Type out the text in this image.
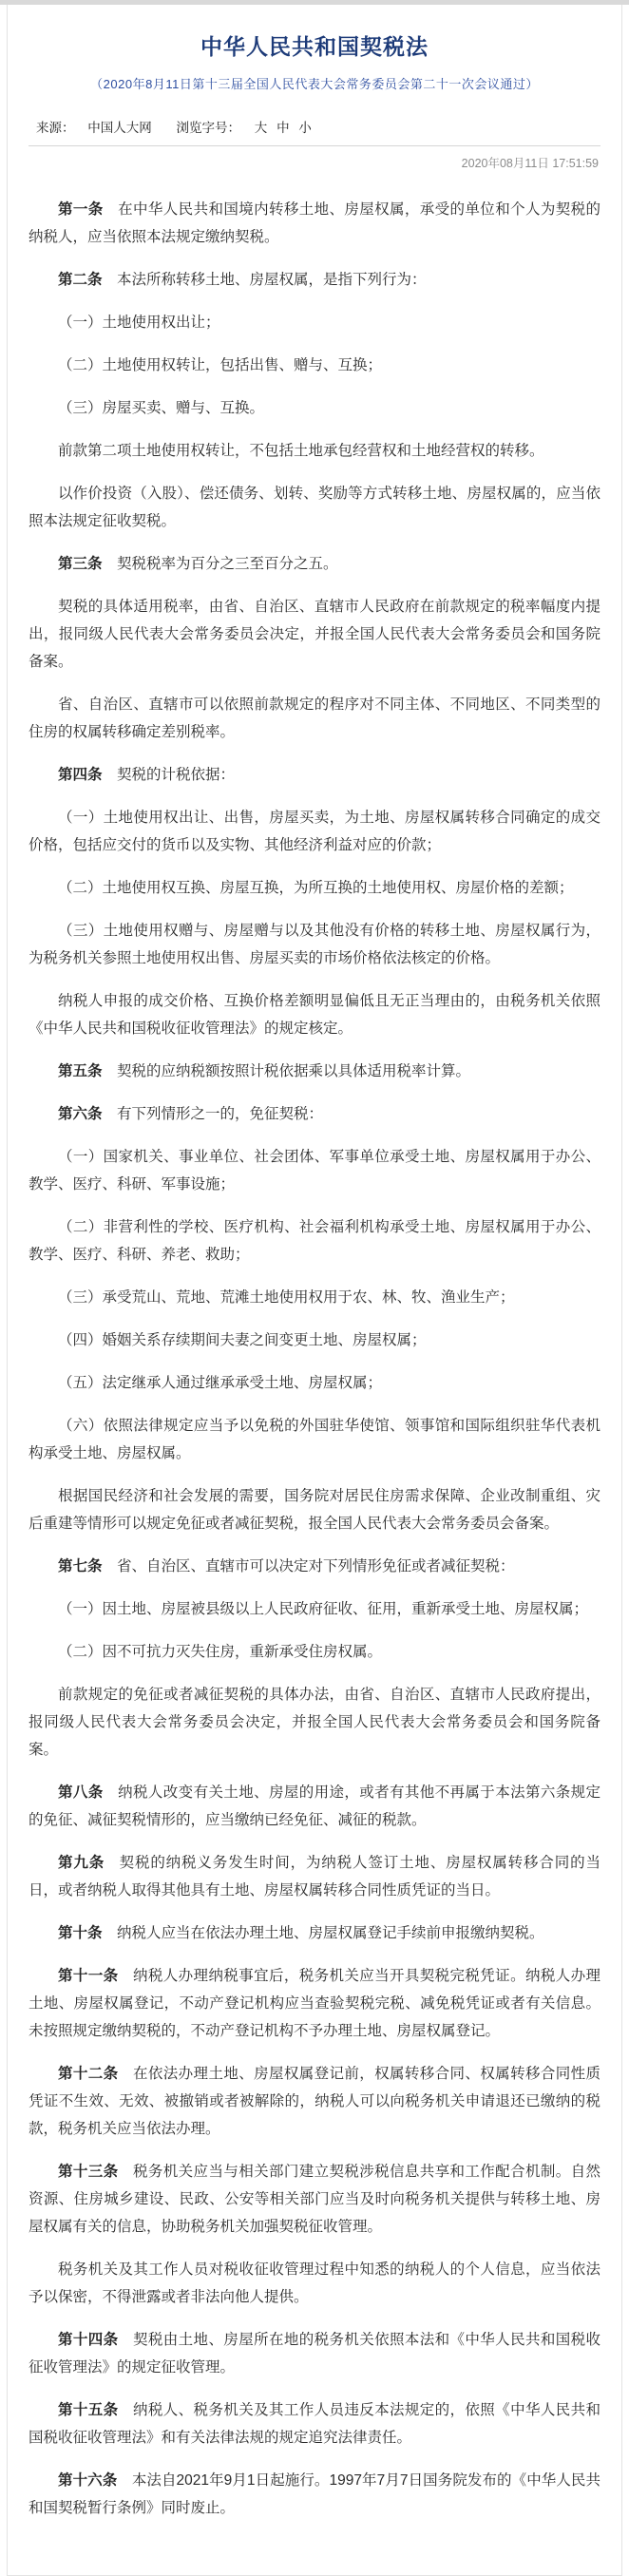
中华人民共和国契税法
（2020年8月11日第十三届全国人民代表大会常务委员会第二十一次会议通过）
来源： 中国人大网 浏览字号： 大 中 小
2020年08月11日 17:51:59

第一条 在中华人民共和国境内转移土地、房屋权属，承受的单位和个人为契税的纳税人，应当依照本法规定缴纳契税。

第二条 本法所称转移土地、房屋权属，是指下列行为：

（一）土地使用权出让；

（二）土地使用权转让，包括出售、赠与、互换；

（三）房屋买卖、赠与、互换。

前款第二项土地使用权转让，不包括土地承包经营权和土地经营权的转移。

以作价投资（入股）、偿还债务、划转、奖励等方式转移土地、房屋权属的，应当依照本法规定征收契税。

第三条 契税税率为百分之三至百分之五。

契税的具体适用税率，由省、自治区、直辖市人民政府在前款规定的税率幅度内提出，报同级人民代表大会常务委员会决定，并报全国人民代表大会常务委员会和国务院备案。

省、自治区、直辖市可以依照前款规定的程序对不同主体、不同地区、不同类型的住房的权属转移确定差别税率。

第四条 契税的计税依据：

（一）土地使用权出让、出售，房屋买卖，为土地、房屋权属转移合同确定的成交价格，包括应交付的货币以及实物、其他经济利益对应的价款；

（二）土地使用权互换、房屋互换，为所互换的土地使用权、房屋价格的差额；

（三）土地使用权赠与、房屋赠与以及其他没有价格的转移土地、房屋权属行为，为税务机关参照土地使用权出售、房屋买卖的市场价格依法核定的价格。

纳税人申报的成交价格、互换价格差额明显偏低且无正当理由的，由税务机关依照《中华人民共和国税收征收管理法》的规定核定。

第五条 契税的应纳税额按照计税依据乘以具体适用税率计算。

第六条 有下列情形之一的，免征契税：

（一）国家机关、事业单位、社会团体、军事单位承受土地、房屋权属用于办公、教学、医疗、科研、军事设施；

（二）非营利性的学校、医疗机构、社会福利机构承受土地、房屋权属用于办公、教学、医疗、科研、养老、救助；

（三）承受荒山、荒地、荒滩土地使用权用于农、林、牧、渔业生产；

（四）婚姻关系存续期间夫妻之间变更土地、房屋权属；

（五）法定继承人通过继承承受土地、房屋权属；

（六）依照法律规定应当予以免税的外国驻华使馆、领事馆和国际组织驻华代表机构承受土地、房屋权属。

根据国民经济和社会发展的需要，国务院对居民住房需求保障、企业改制重组、灾后重建等情形可以规定免征或者减征契税，报全国人民代表大会常务委员会备案。

第七条 省、自治区、直辖市可以决定对下列情形免征或者减征契税：

（一）因土地、房屋被县级以上人民政府征收、征用，重新承受土地、房屋权属；

（二）因不可抗力灭失住房，重新承受住房权属。

前款规定的免征或者减征契税的具体办法，由省、自治区、直辖市人民政府提出，报同级人民代表大会常务委员会决定，并报全国人民代表大会常务委员会和国务院备案。

第八条 纳税人改变有关土地、房屋的用途，或者有其他不再属于本法第六条规定的免征、减征契税情形的，应当缴纳已经免征、减征的税款。

第九条 契税的纳税义务发生时间，为纳税人签订土地、房屋权属转移合同的当日，或者纳税人取得其他具有土地、房屋权属转移合同性质凭证的当日。

第十条 纳税人应当在依法办理土地、房屋权属登记手续前申报缴纳契税。

第十一条 纳税人办理纳税事宜后，税务机关应当开具契税完税凭证。纳税人办理土地、房屋权属登记，不动产登记机构应当查验契税完税、减免税凭证或者有关信息。未按照规定缴纳契税的，不动产登记机构不予办理土地、房屋权属登记。

第十二条 在依法办理土地、房屋权属登记前，权属转移合同、权属转移合同性质凭证不生效、无效、被撤销或者被解除的，纳税人可以向税务机关申请退还已缴纳的税款，税务机关应当依法办理。

第十三条 税务机关应当与相关部门建立契税涉税信息共享和工作配合机制。自然资源、住房城乡建设、民政、公安等相关部门应当及时向税务机关提供与转移土地、房屋权属有关的信息，协助税务机关加强契税征收管理。

税务机关及其工作人员对税收征收管理过程中知悉的纳税人的个人信息，应当依法予以保密，不得泄露或者非法向他人提供。

第十四条 契税由土地、房屋所在地的税务机关依照本法和《中华人民共和国税收征收管理法》的规定征收管理。

第十五条 纳税人、税务机关及其工作人员违反本法规定的，依照《中华人民共和国税收征收管理法》和有关法律法规的规定追究法律责任。

第十六条 本法自2021年9月1日起施行。1997年7月7日国务院发布的《中华人民共和国契税暂行条例》同时废止。
